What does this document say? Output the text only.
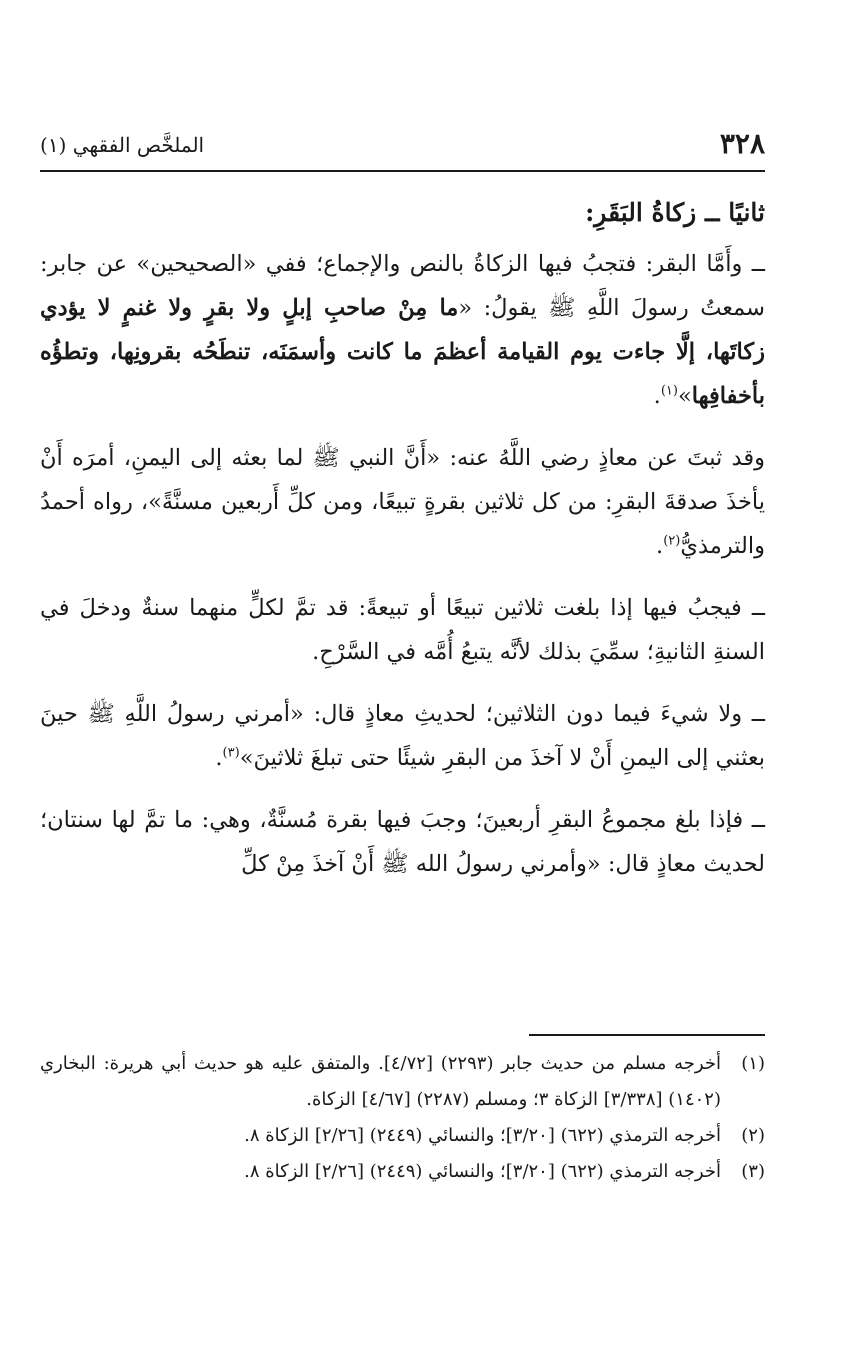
٣٢٨
الملخَّص الفقهي (١)
ثانيًا ــ زكاةُ البَقَرِ:

ــ وأَمَّا البقر: فتجبُ فيها الزكاةُ بالنص والإجماع؛ ففي «الصحيحين» عن جابر: سمعتُ رسولَ اللَّهِ ﷺ يقولُ: «ما مِنْ صاحبِ إبلٍ ولا بقرٍ ولا غنمٍ لا يؤدي زكاتَها، إلَّا جاءت يوم القيامة أعظمَ ما كانت وأسمَنَه، تنطَحُه بقرونِها، وتطؤُه بأخفافِها»$^{(١)}$.

وقد ثبتَ عن معاذٍ رضي اللَّهُ عنه: «أَنَّ النبي ﷺ لما بعثه إلى اليمنِ، أمرَه أَنْ يأخذَ صدقةَ البقرِ: من كل ثلاثين بقرةٍ تبيعًا، ومن كلِّ أَربعين مسنَّةً»، رواه أحمدُ والترمذيُّ$^{(٢)}$.

ــ فيجبُ فيها إذا بلغت ثلاثين تبيعًا أو تبيعةً: قد تمَّ لكلٍّ منهما سنةٌ ودخلَ في السنةِ الثانيةِ؛ سمِّيَ بذلك لأنَّه يتبعُ أُمَّه في السَّرْحِ.

ــ ولا شيءَ فيما دون الثلاثين؛ لحديثِ معاذٍ قال: «أمرني رسولُ اللَّهِ ﷺ حينَ بعثني إلى اليمنِ أَنْ لا آخذَ من البقرِ شيئًا حتى تبلغَ ثلاثينَ»$^{(٣)}$.

ــ فإذا بلغ مجموعُ البقرِ أربعينَ؛ وجبَ فيها بقرة مُسنَّةٌ، وهي: ما تمَّ لها سنتان؛ لحديث معاذٍ قال: «وأمرني رسولُ الله ﷺ أَنْ آخذَ مِنْ كلِّ

(١)
أخرجه مسلم من حديث جابر (٢٢٩٣) [٤/٧٢]. والمتفق عليه هو حديث أبي هريرة: البخاري (١٤٠٢) [٣/٣٣٨] الزكاة ٣؛ ومسلم (٢٢٨٧) [٤/٦٧] الزكاة.

(٢)
أخرجه الترمذي (٦٢٢) [٣/٢٠]؛ والنسائي (٢٤٤٩) [٢/٢٦] الزكاة ٨.

(٣)
أخرجه الترمذي (٦٢٢) [٣/٢٠]؛ والنسائي (٢٤٤٩) [٢/٢٦] الزكاة ٨.
